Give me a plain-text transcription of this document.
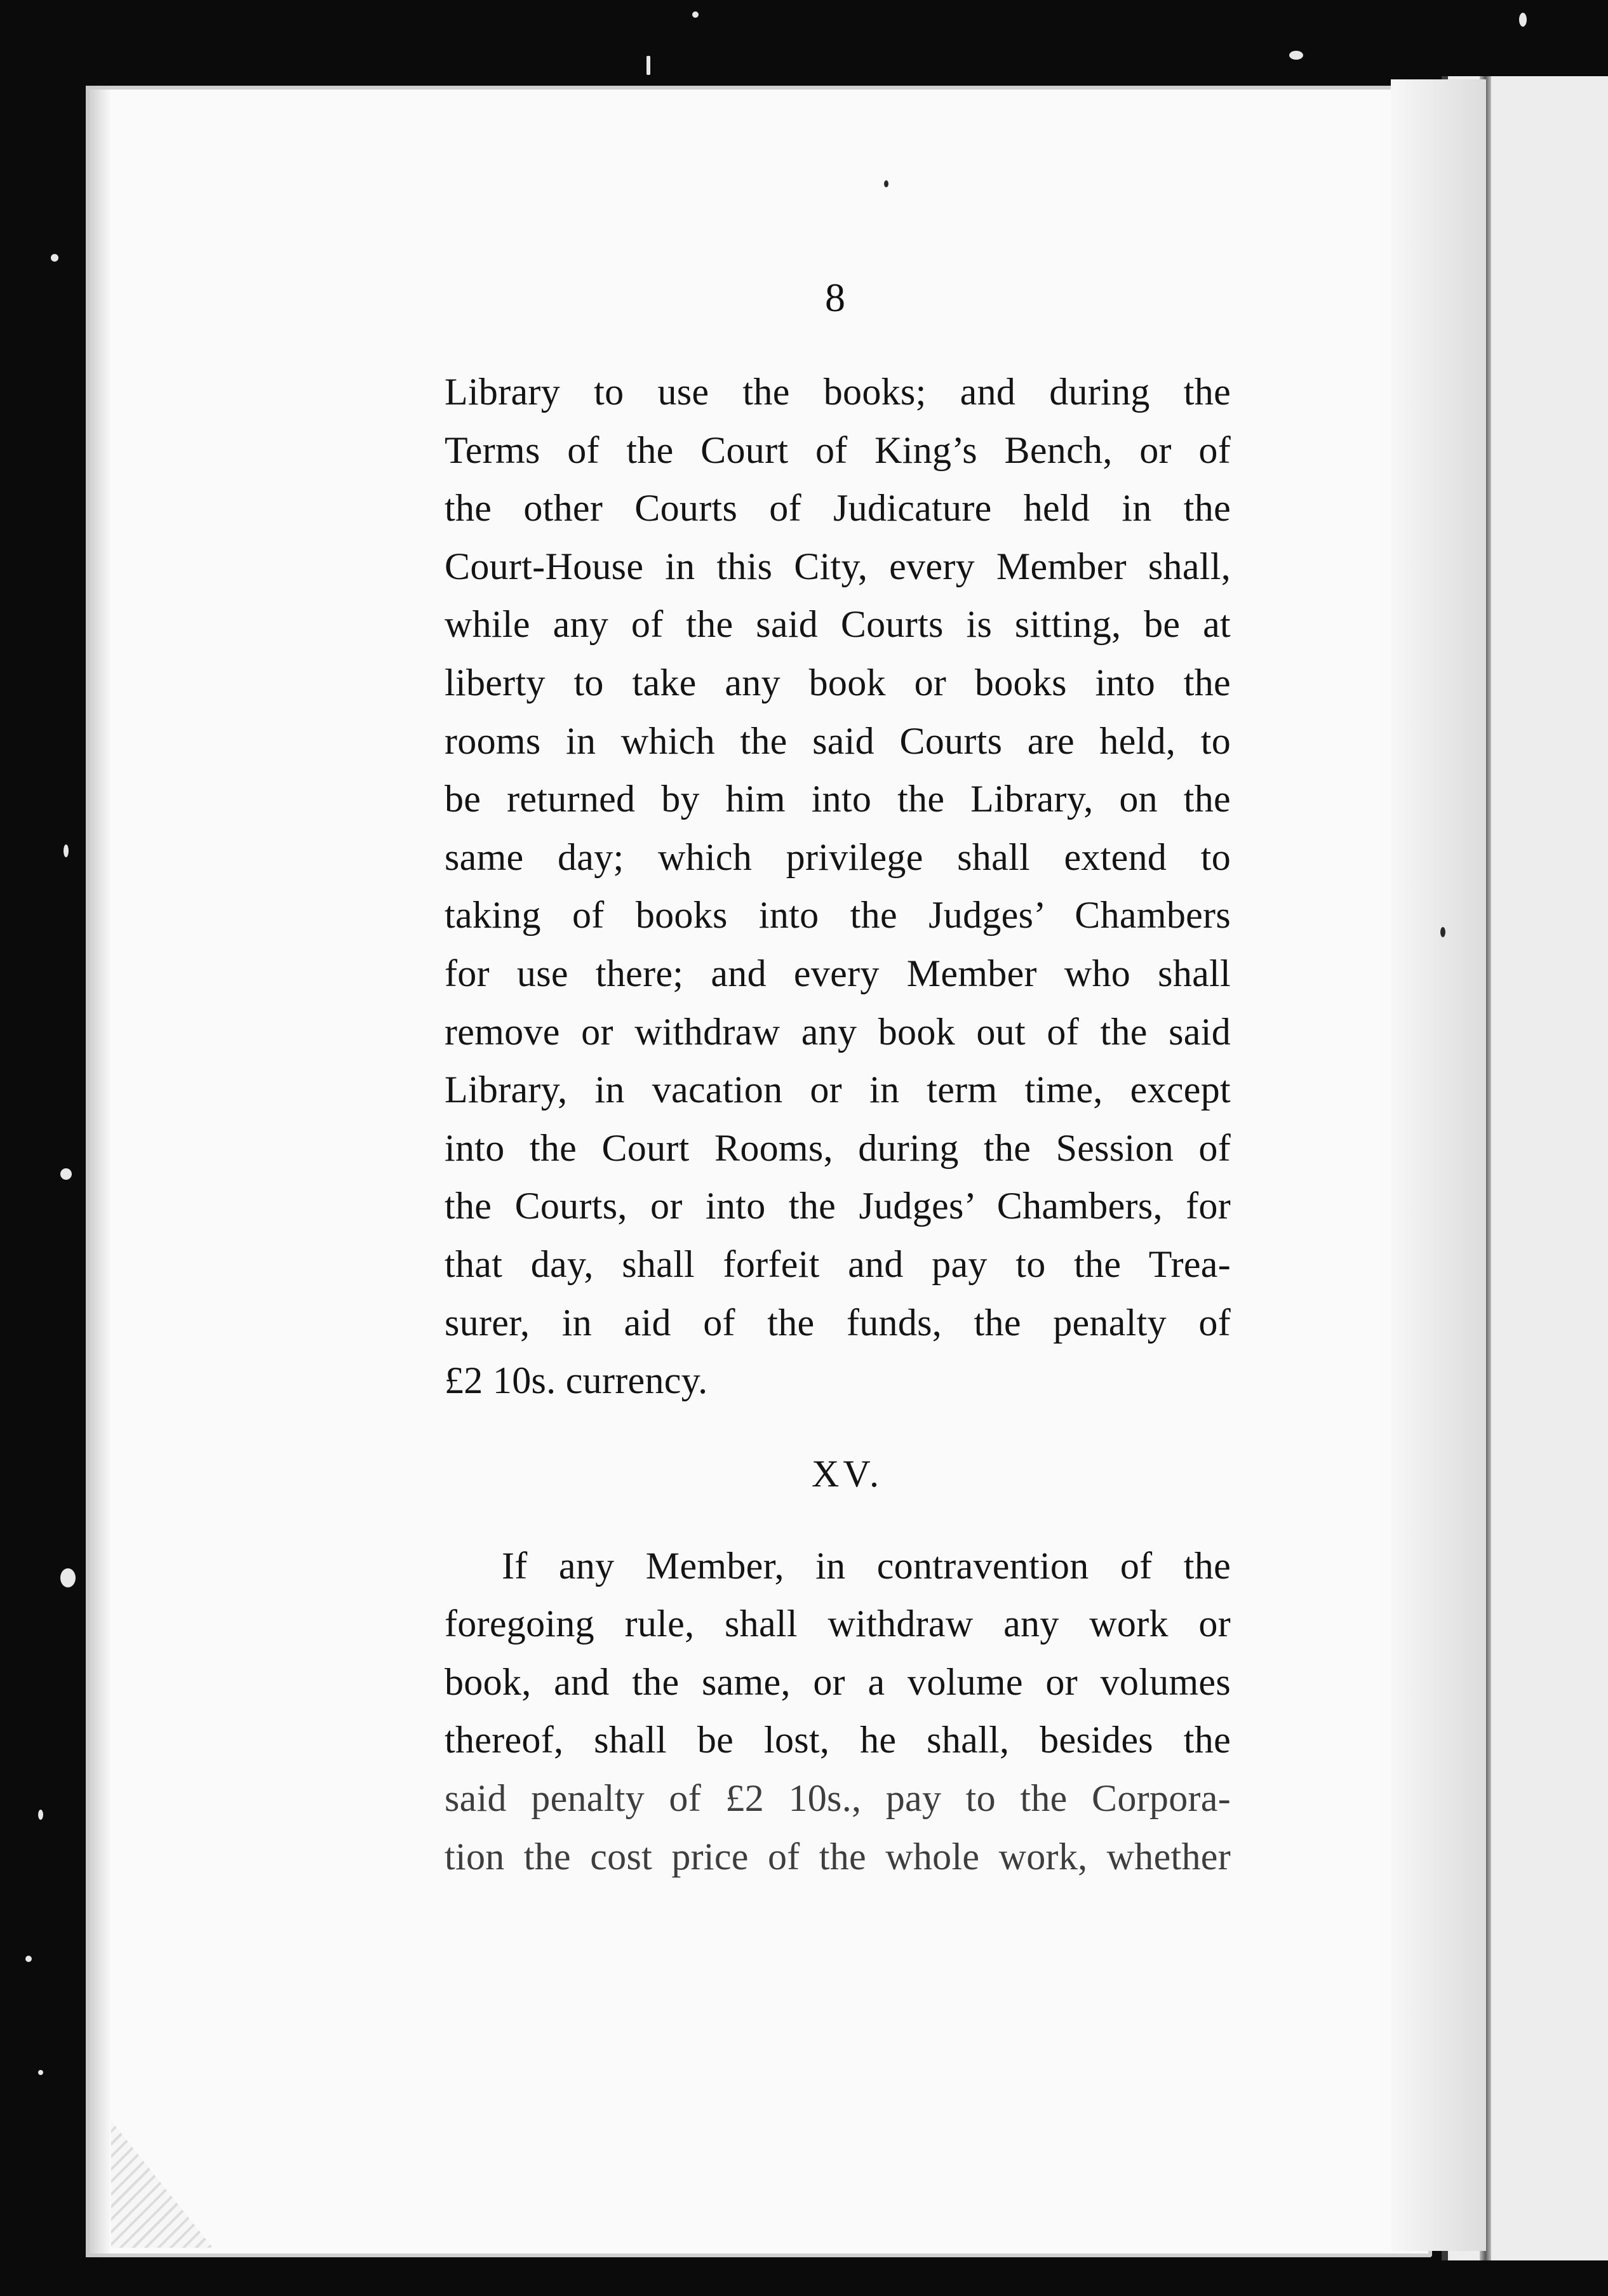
8

Library to use the books; and during the
Terms of the Court of King’s Bench, or of
the other Courts of Judicature held in the
Court-House in this City, every Member shall,
while any of the said Courts is sitting, be at
liberty to take any book or books into the
rooms in which the said Courts are held, to
be returned by him into the Library, on the
same day; which privilege shall extend to
taking of books into the Judges’ Chambers
for use there; and every Member who shall
remove or withdraw any book out of the said
Library, in vacation or in term time, except
into the Court Rooms, during the Session of
the Courts, or into the Judges’ Chambers, for
that day, shall forfeit and pay to the Trea-
surer, in aid of the funds, the penalty of
£2 10s. currency.
XV.
If any Member, in contravention of the
foregoing rule, shall withdraw any work or
book, and the same, or a volume or volumes
thereof, shall be lost, he shall, besides the
said penalty of £2 10s., pay to the Corpora-
tion the cost price of the whole work, whether
